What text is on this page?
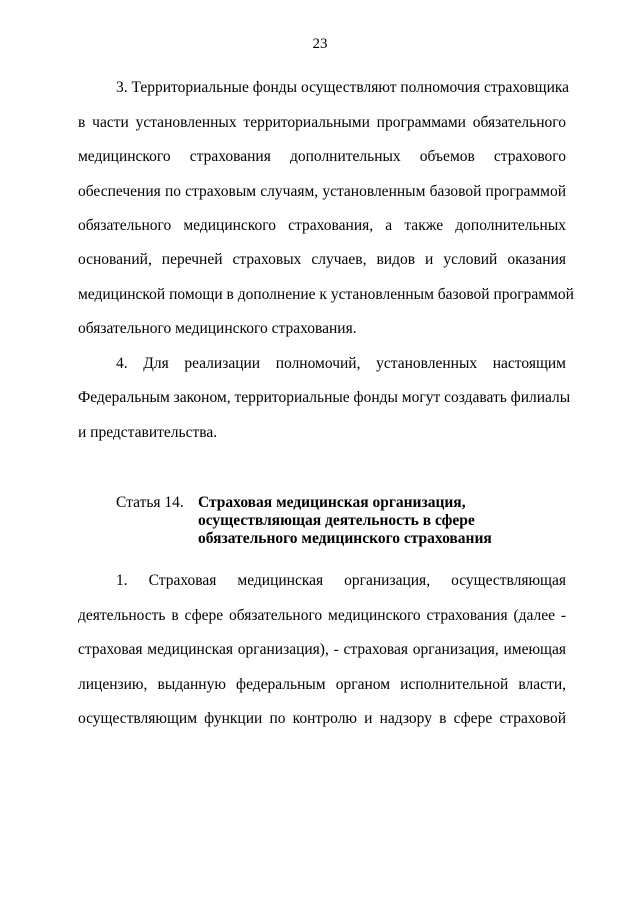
23
3. Территориальные фонды осуществляют полномочия страховщика
в части установленных территориальными программами обязательного
медицинского страхования дополнительных объемов страхового
обеспечения по страховым случаям, установленным базовой программой
обязательного медицинского страхования, а также дополнительных
оснований, перечней страховых случаев, видов и условий оказания
медицинской помощи в дополнение к установленным базовой программой
обязательного медицинского страхования.
4. Для реализации полномочий, установленных настоящим
Федеральным законом, территориальные фонды могут создавать филиалы
и представительства.
Статья 14. Страховая медицинская организация,
осуществляющая деятельность в сфере
обязательного медицинского страхования
1. Страховая медицинская организация, осуществляющая
деятельность в сфере обязательного медицинского страхования (далее -
страховая медицинская организация), - страховая организация, имеющая
лицензию, выданную федеральным органом исполнительной власти,
осуществляющим функции по контролю и надзору в сфере страховой
